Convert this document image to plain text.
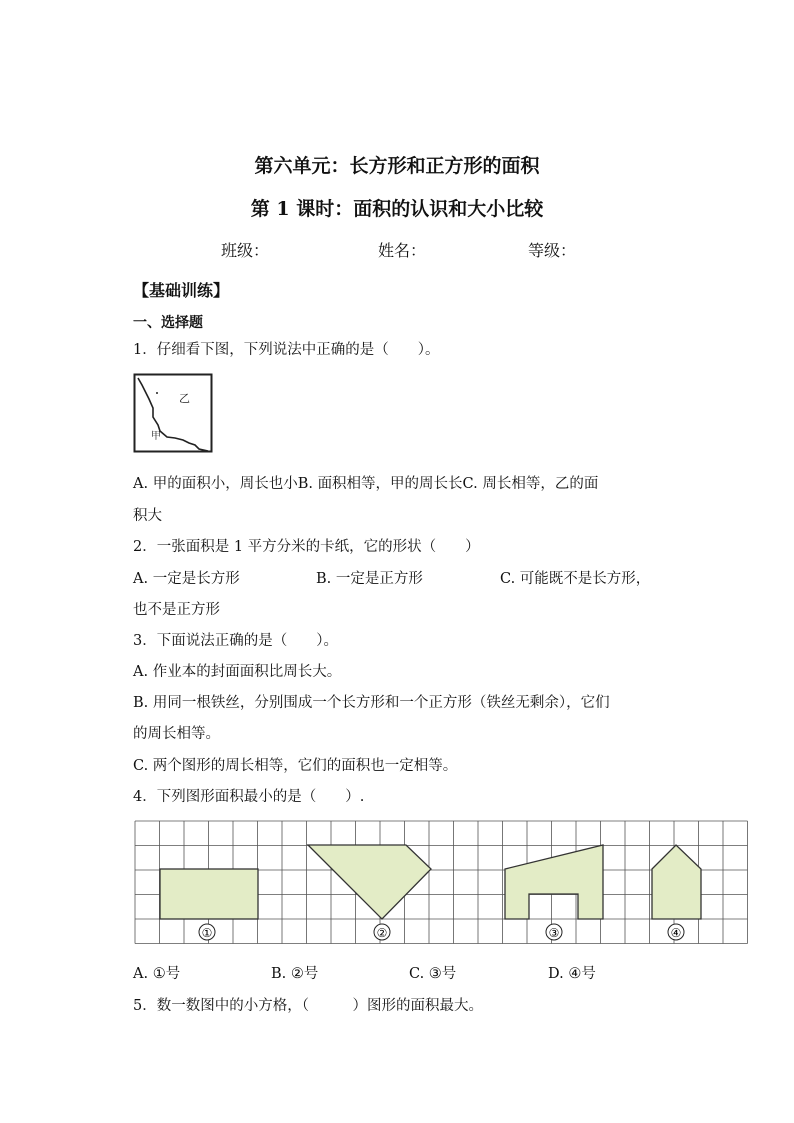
第六单元：长方形和正方形的面积
第 1 课时：面积的认识和大小比较
班级：	姓名：	等级：
【基础训练】
一、选择题
1．仔细看下图，下列说法中正确的是（　　）。
乙
甲
A. 甲的面积小，周长也小B. 面积相等，甲的周长长C. 周长相等，乙的面
积大
2．一张面积是 1 平方分米的卡纸，它的形状（　　）
A. 一定是长方形	B. 一定是正方形	C. 可能既不是长方形，
也不是正方形
3．下面说法正确的是（　　）。
A. 作业本的封面面积比周长大。
B. 用同一根铁丝，分别围成一个长方形和一个正方形（铁丝无剩余），它们
的周长相等。
C. 两个图形的周长相等，它们的面积也一定相等。
4．下列图形面积最小的是（　　）.
①	②	③	④
A. ①号	B. ②号	C. ③号	D. ④号
5．数一数图中的小方格，（　　　）图形的面积最大。
